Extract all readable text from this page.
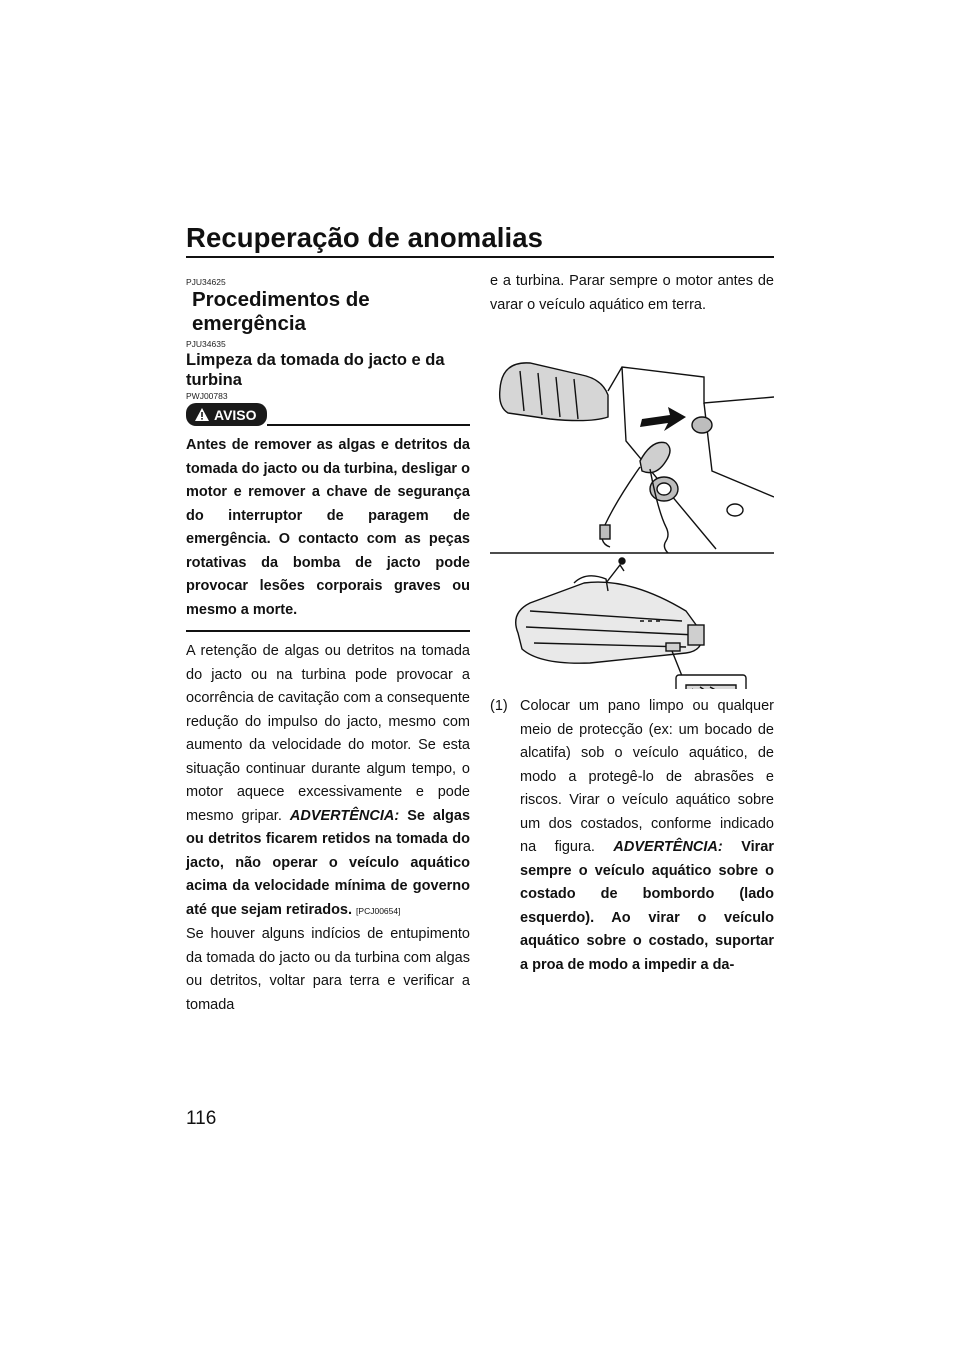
Recuperação de anomalias
PJU34625
Procedimentos de emergência
PJU34635
Limpeza da tomada do jacto e da
turbina
PWJ00783
AVISO

Antes de remover as algas e detritos da tomada do jacto ou da turbina, desligar o motor e remover a chave de segurança do interruptor de paragem de emergência. O contacto com as peças rotativas da bomba de jacto pode provocar lesões corporais graves ou mesmo a morte.

A retenção de algas ou detritos na tomada do jacto ou na turbina pode provocar a ocorrência de cavitação com a consequente redução do impulso do jacto, mesmo com aumento da velocidade do motor. Se esta situação continuar durante algum tempo, o motor aquece excessivamente e pode mesmo gripar. ADVERTÊNCIA: Se algas ou detritos ficarem retidos na tomada do jacto, não operar o veículo aquático acima da velocidade mínima de governo até que sejam retirados. [PCJ00654]

Se houver alguns indícios de entupimento da tomada do jacto ou da turbina com algas ou detritos, voltar para terra e verificar a tomada

e a turbina. Parar sempre o motor antes de varar o veículo aquático em terra.

(1) Colocar um pano limpo ou qualquer meio de protecção (ex: um bocado de alcatifa) sob o veículo aquático, de modo a protegê-lo de abrasões e riscos. Virar o veículo aquático sobre um dos costados, conforme indicado na figura. ADVERTÊNCIA: Virar sempre o veículo aquático sobre o costado de bombordo (lado esquerdo). Ao virar o veículo aquático sobre o costado, suportar a proa de modo a impedir a da-
116
